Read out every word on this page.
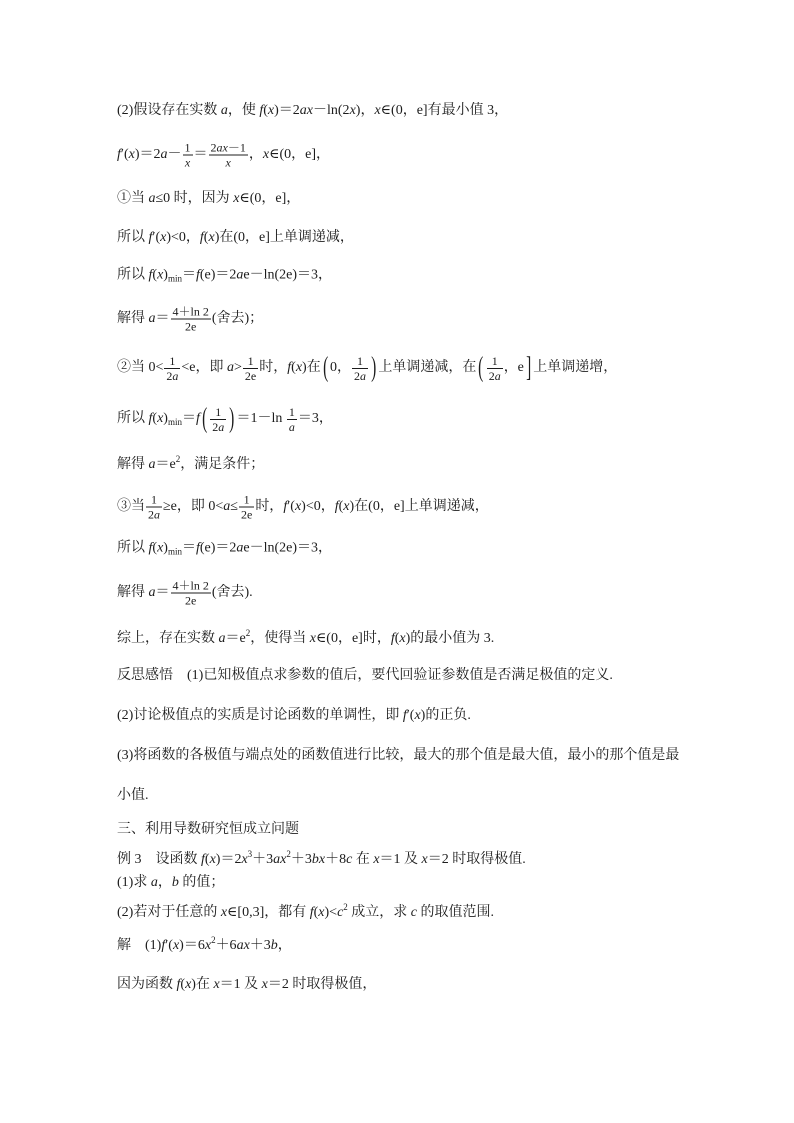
(2)假设存在实数 a，使 f(x)＝2ax－ln(2x)，x∈(0，e]有最小值 3，
$f'(x)=2a- \frac{1}{x} = \frac{2ax-1}{x}$ ，x∈(0，e]，
①当 a≤0 时，因为 x∈(0，e]，
所以 f′(x)<0，f(x)在(0，e]上单调递减，
所以 $f(x)_{min}=f(e)=2ae-\ln(2e)=3$，
解得 $a= \frac{4+\ln 2}{2e}$ (舍去)；
②当 $0< \frac{1}{2a} <e$，即 $a> \frac{1}{2e}$ 时，f(x)在 ( 0， $\frac{1}{2a}$ ) 上单调递减，在 ( $\frac{1}{2a}$ ，e ] 上单调递增，
所以 $f(x)_{min}=f$ ( $\frac{1}{2a}$ ) $=1-\ln \frac{1}{a} =3$，
解得 $a=e^2$，满足条件；
③当 $\frac{1}{2a} \ge e$，即 $0<a\le \frac{1}{2e}$ 时，f′(x)<0，f(x)在(0，e]上单调递减，
所以 $f(x)_{min}=f(e)=2ae-\ln(2e)=3$，
解得 $a= \frac{4+\ln 2}{2e}$ (舍去).
综上，存在实数 $a=e^2$，使得当 x∈(0，e]时，f(x)的最小值为 3.
反思感悟　(1)已知极值点求参数的值后，要代回验证参数值是否满足极值的定义.
(2)讨论极值点的实质是讨论函数的单调性，即 f′(x)的正负.
(3)将函数的各极值与端点处的函数值进行比较，最大的那个值是最大值，最小的那个值是最
小值.
三、利用导数研究恒成立问题
例 3　设函数 $f(x)=2x^3+3ax^2+3bx+8c$ 在 x＝1 及 x＝2 时取得极值.
(1)求 a，b 的值；
(2)若对于任意的 x∈[0,3]，都有 $f(x)<c^2$ 成立，求 c 的取值范围.
解　$(1)f'(x)=6x^2+6ax+3b$，
因为函数 f(x)在 x＝1 及 x＝2 时取得极值，
